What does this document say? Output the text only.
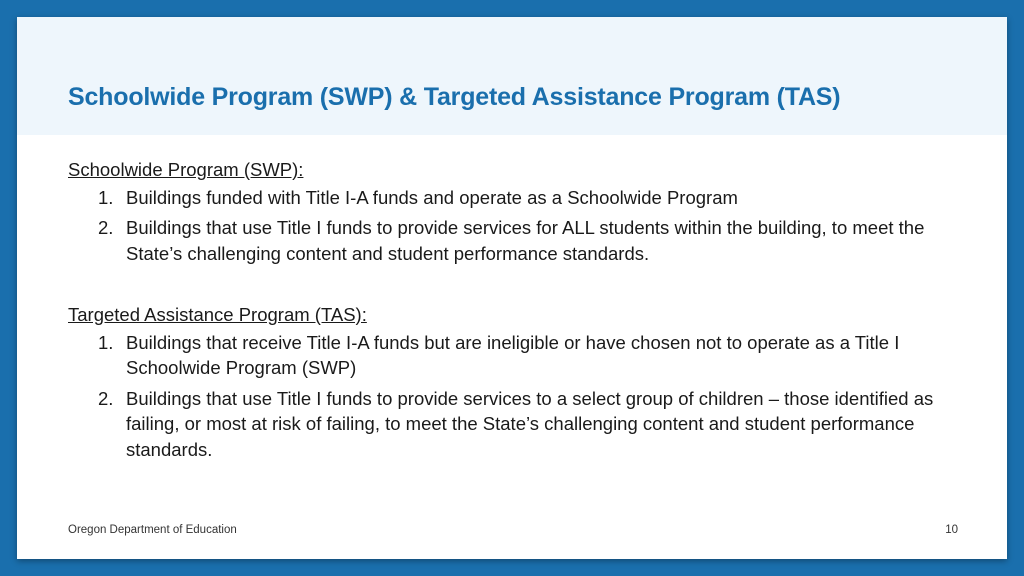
Schoolwide Program (SWP) & Targeted Assistance Program (TAS)

Schoolwide Program (SWP):

1. Buildings funded with Title I-A funds and operate as a Schoolwide Program
2. Buildings that use Title I funds to provide services for ALL students within the building, to meet the State’s challenging content and student performance standards.

Targeted Assistance Program (TAS):

1. Buildings that receive Title I-A funds but are ineligible or have chosen not to operate as a Title I Schoolwide Program (SWP)
2. Buildings that use Title I funds to provide services to a select group of children – those identified as failing, or most at risk of failing, to meet the State’s challenging content and student performance standards.
Oregon Department of Education	10
